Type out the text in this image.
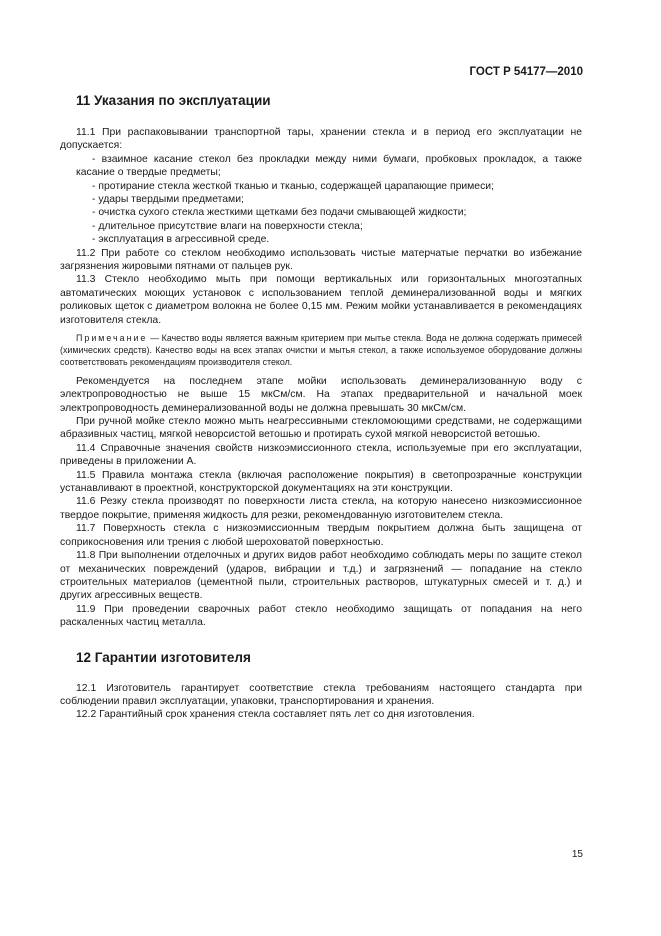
ГОСТ Р 54177—2010
11 Указания по эксплуатации

11.1 При распаковывании транспортной тары, хранении стекла и в период его эксплуатации не допускается:

- взаимное касание стекол без прокладки между ними бумаги, пробковых прокладок, а также касание о твердые предметы;

- протирание стекла жесткой тканью и тканью, содержащей царапающие примеси;

- удары твердыми предметами;

- очистка сухого стекла жесткими щетками без подачи смывающей жидкости;

- длительное присутствие влаги на поверхности стекла;

- эксплуатация в агрессивной среде.

11.2 При работе со стеклом необходимо использовать чистые матерчатые перчатки во избежание загрязнения жировыми пятнами от пальцев рук.

11.3 Стекло необходимо мыть при помощи вертикальных или горизонтальных многоэтапных автоматических моющих установок с использованием теплой деминерализованной воды и мягких роликовых щеток с диаметром волокна не более 0,15 мм. Режим мойки устанавливается в рекомендациях изготовителя стекла.

Примечание — Качество воды является важным критерием при мытье стекла. Вода не должна содержать примесей (химических средств). Качество воды на всех этапах очистки и мытья стекол, а также используемое оборудование должны соответствовать рекомендациям производителя стекол.

Рекомендуется на последнем этапе мойки использовать деминерализованную воду с электропроводностью не выше 15 мкСм/см. На этапах предварительной и начальной моек электропроводность деминерализованной воды не должна превышать 30 мкСм/см.

При ручной мойке стекло можно мыть неагрессивными стекломоющими средствами, не содержащими абразивных частиц, мягкой неворсистой ветошью и протирать сухой мягкой неворсистой ветошью.

11.4 Справочные значения свойств низкоэмиссионного стекла, используемые при его эксплуатации, приведены в приложении А.

11.5 Правила монтажа стекла (включая расположение покрытия) в светопрозрачные конструкции устанавливают в проектной, конструкторской документациях на эти конструкции.

11.6 Резку стекла производят по поверхности листа стекла, на которую нанесено низкоэмиссионное твердое покрытие, применяя жидкость для резки, рекомендованную изготовителем стекла.

11.7 Поверхность стекла с низкоэмиссионным твердым покрытием должна быть защищена от соприкосновения или трения с любой шероховатой поверхностью.

11.8 При выполнении отделочных и других видов работ необходимо соблюдать меры по защите стекол от механических повреждений (ударов, вибрации и т.д.) и загрязнений — попадание на стекло строительных материалов (цементной пыли, строительных растворов, штукатурных смесей и т. д.) и других агрессивных веществ.

11.9 При проведении сварочных работ стекло необходимо защищать от попадания на него раскаленных частиц металла.

12 Гарантии изготовителя

12.1 Изготовитель гарантирует соответствие стекла требованиям настоящего стандарта при соблюдении правил эксплуатации, упаковки, транспортирования и хранения.

12.2 Гарантийный срок хранения стекла составляет пять лет со дня изготовления.

15
